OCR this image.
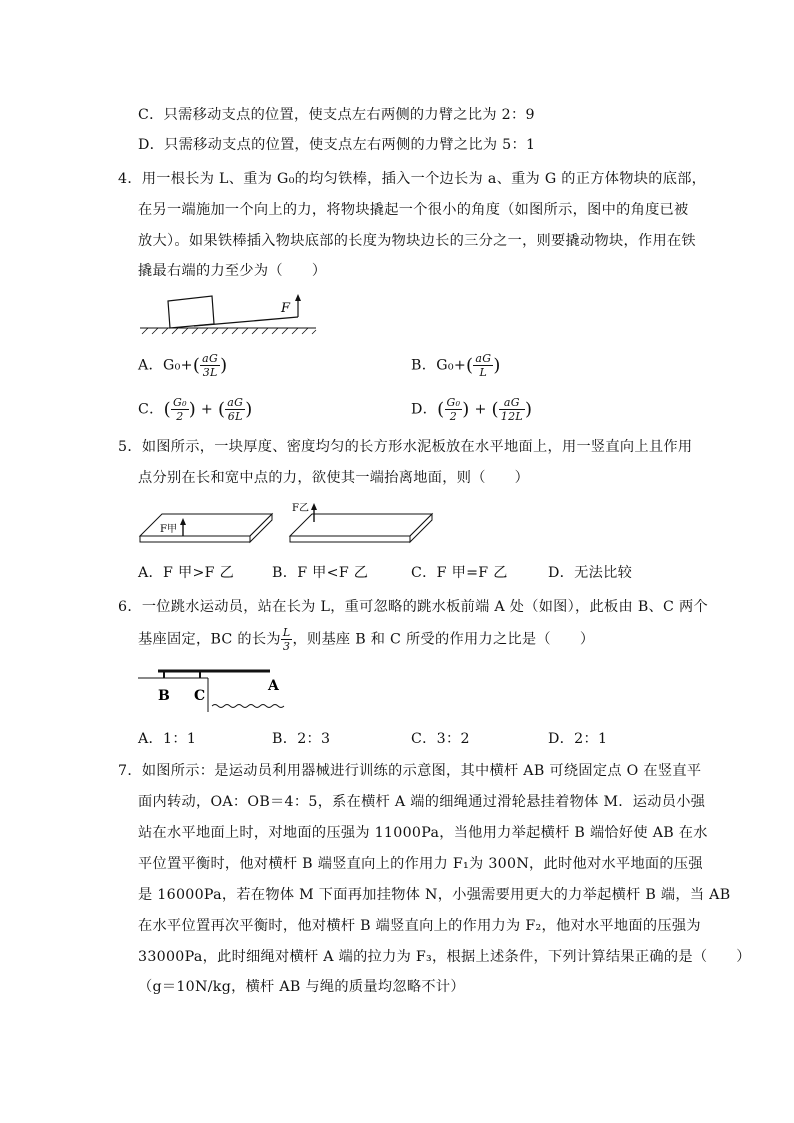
C．只需移动支点的位置，使支点左右两侧的力臂之比为 2：9
D．只需移动支点的位置，使支点左右两侧的力臂之比为 5：1
4．用一根长为 L、重为 G₀的均匀铁棒，插入一个边长为 a、重为 G 的正方体物块的底部，
在另一端施加一个向上的力，将物块撬起一个很小的角度（如图所示，图中的角度已被
放大）。如果铁棒插入物块底部的长度为物块边长的三分之一，则要撬动物块，作用在铁
撬最右端的力至少为（　　）
F
A．$G_0+( \frac{aG}{3L}$ )	B．$G_0+( \frac{aG}{L}$ )
C．( $\frac{\text{G₀}}{2}$ ) + ( $\frac{aG}{6L}$ )	D．( $\frac{\text{G₀}}{2}$ ) + ( $\frac{aG}{12L}$ )
5．如图所示，一块厚度、密度均匀的长方形水泥板放在水平地面上，用一竖直向上且作用
点分别在长和宽中点的力，欲使其一端抬离地面，则（　　）
F甲
F乙
A．F 甲>F 乙	B．F 甲<F 乙	C．F 甲=F 乙	D．无法比较
6．一位跳水运动员，站在长为 L，重可忽略的跳水板前端 A 处（如图），此板由 B、C 两个
基座固定，BC 的长为 $\frac{L}{3}$ ，则基座 B 和 C 所受的作用力之比是（　　）
B C
A
A．1：1	B．2：3	C．3：2	D．2：1
7．如图所示：是运动员利用器械进行训练的示意图，其中横杆 AB 可绕固定点 O 在竖直平
面内转动，OA：OB＝4：5，系在横杆 A 端的细绳通过滑轮悬挂着物体 M．运动员小强
站在水平地面上时，对地面的压强为 11000Pa，当他用力举起横杆 B 端恰好使 AB 在水
平位置平衡时，他对横杆 B 端竖直向上的作用力 F₁为 300N，此时他对水平地面的压强
是 16000Pa，若在物体 M 下面再加挂物体 N，小强需要用更大的力举起横杆 B 端，当 AB
在水平位置再次平衡时，他对横杆 B 端竖直向上的作用力为 F₂，他对水平地面的压强为
33000Pa，此时细绳对横杆 A 端的拉力为 F₃，根据上述条件，下列计算结果正确的是（　　）
（g＝10N/kg，横杆 AB 与绳的质量均忽略不计）
